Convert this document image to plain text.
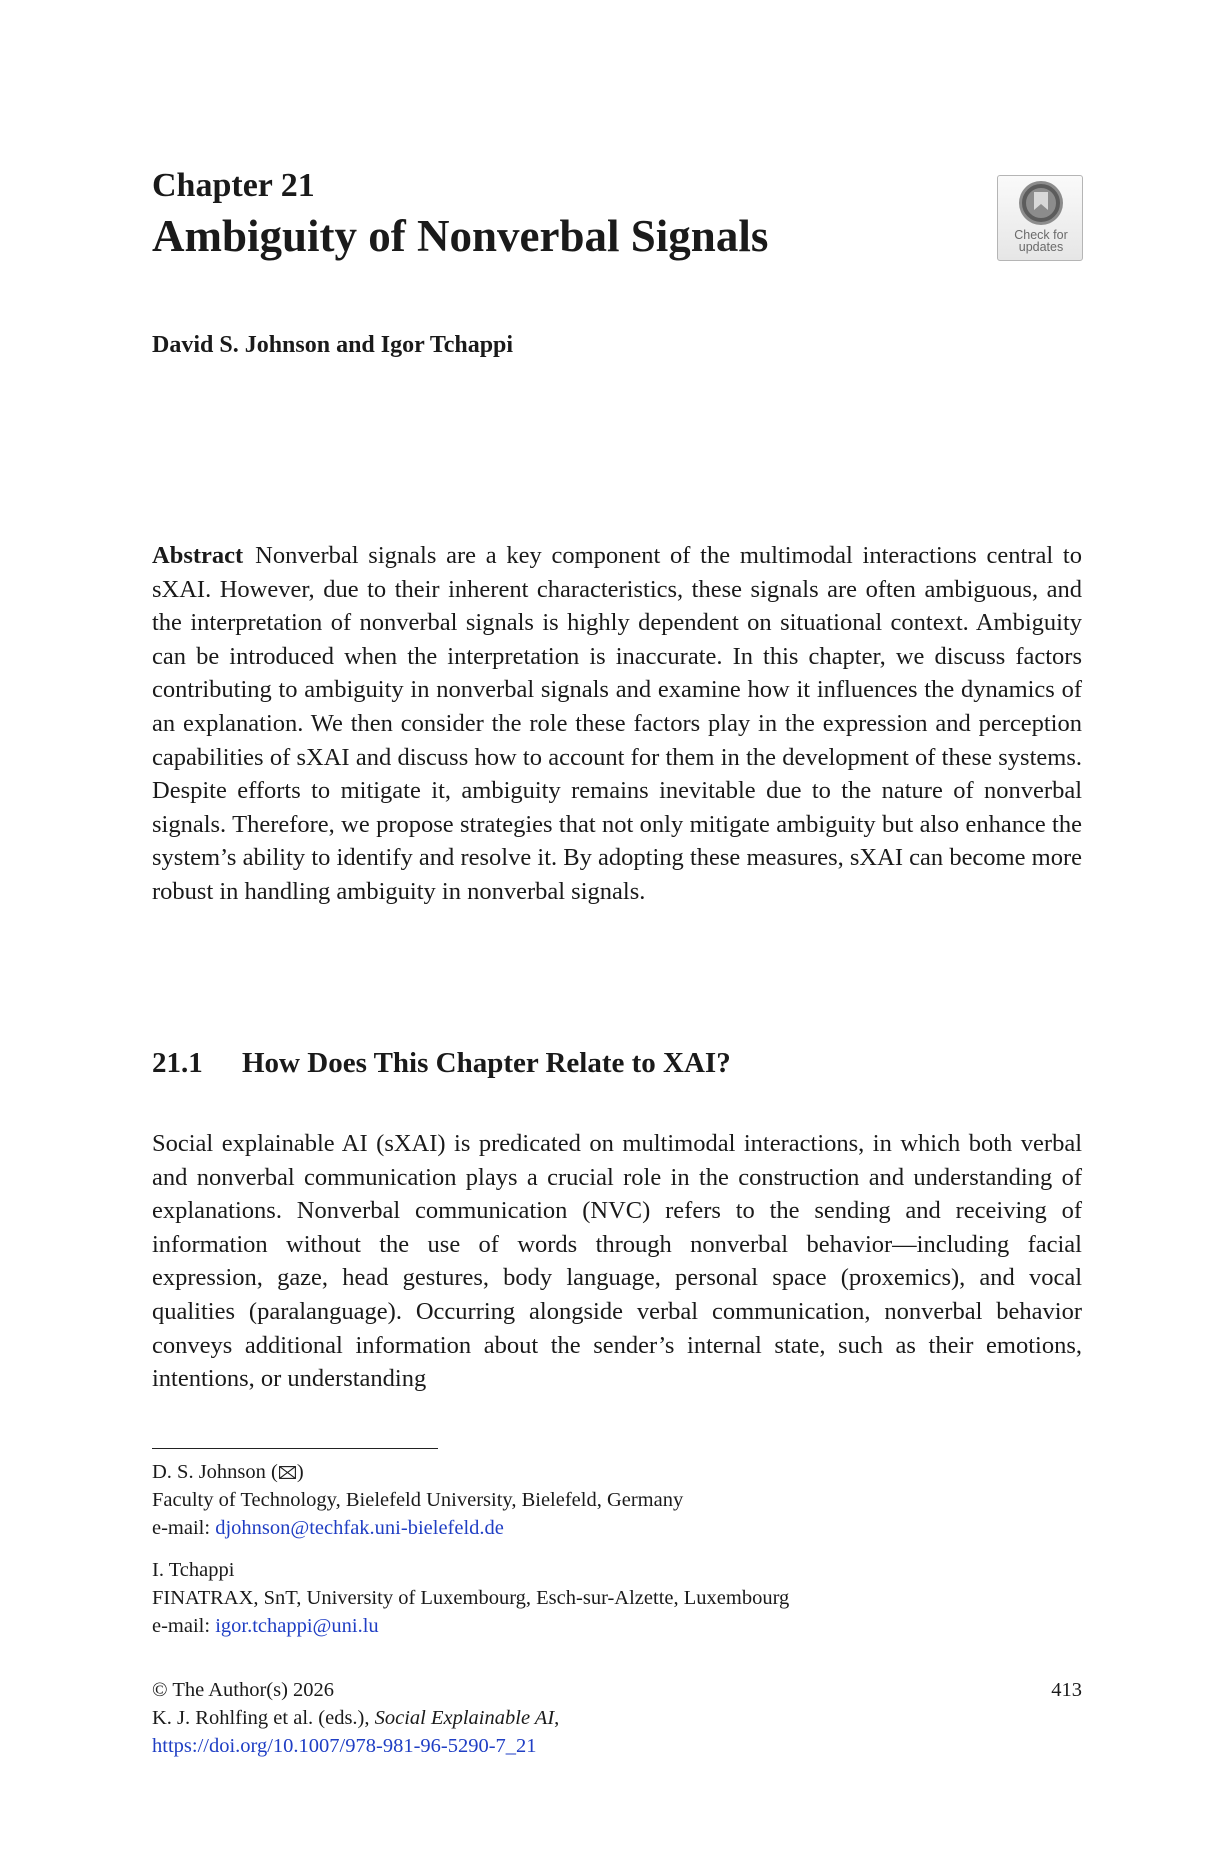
Chapter 21
Ambiguity of Nonverbal Signals	Check for
updates
David S. Johnson and Igor Tchappi
Abstract Nonverbal signals are a key component of the multimodal interactions central to sXAI. However, due to their inherent characteristics, these signals are often ambiguous, and the interpretation of nonverbal signals is highly dependent on situational context. Ambiguity can be introduced when the interpretation is inaccurate. In this chapter, we discuss factors contributing to ambiguity in nonverbal signals and examine how it influences the dynamics of an explanation. We then consider the role these factors play in the expression and perception capabilities of sXAI and discuss how to account for them in the development of these systems. Despite efforts to mitigate it, ambiguity remains inevitable due to the nature of nonverbal signals. Therefore, we propose strategies that not only mitigate ambiguity but also enhance the system’s ability to identify and resolve it. By adopting these measures, sXAI can become more robust in handling ambiguity in nonverbal signals.
21.1 How Does This Chapter Relate to XAI?
Social explainable AI (sXAI) is predicated on multimodal interactions, in which both verbal and nonverbal communication plays a crucial role in the construction and understanding of explanations. Nonverbal communication (NVC) refers to the sending and receiving of information without the use of words through nonverbal behavior—including facial expression, gaze, head gestures, body language, personal space (proxemics), and vocal qualities (paralanguage). Occurring alongside verbal communication, nonverbal behavior conveys additional information about the sender’s internal state, such as their emotions, intentions, or understanding
D. S. Johnson ( )
Faculty of Technology, Bielefeld University, Bielefeld, Germany
e-mail: djohnson@techfak.uni-bielefeld.de
I. Tchappi
FINATRAX, SnT, University of Luxembourg, Esch-sur-Alzette, Luxembourg
e-mail: igor.tchappi@uni.lu
© The Author(s) 2026
K. J. Rohlfing et al. (eds.), Social Explainable AI,
413
https://doi.org/10.1007/978-981-96-5290-7_21
